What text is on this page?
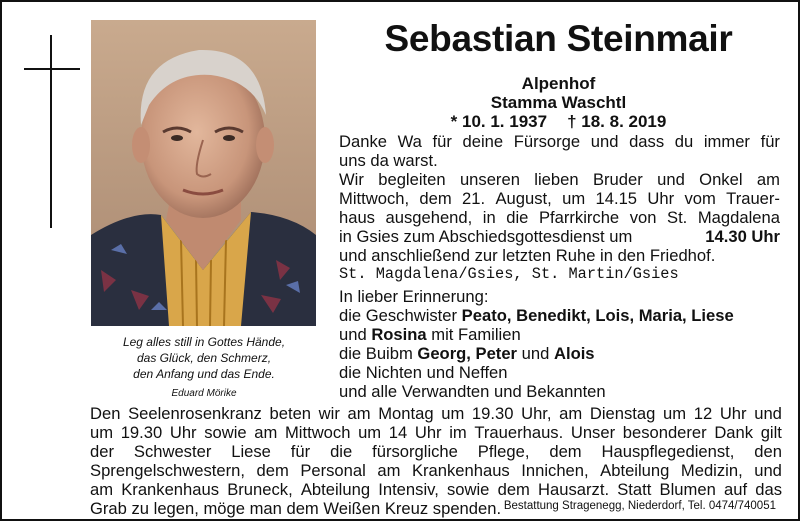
Leg alles still in Gottes Hände,
das Glück, den Schmerz,
den Anfang und das Ende.
Eduard Mörike
Sebastian Steinmair
Alpenhof
Stamma Waschtl
* 10. 1. 1937 † 18. 8. 2019
Danke Wa für deine Fürsorge und dass du immer für
uns da warst.
Wir begleiten unseren lieben Bruder und Onkel am
Mittwoch, dem 21. August, um 14.15 Uhr vom Trauer-
haus ausgehend, in die Pfarrkirche von St. Magdalena
in Gsies zum Abschiedsgottesdienst um	14.30 Uhr
und anschließend zur letzten Ruhe in den Friedhof.
St. Magdalena/Gsies, St. Martin/Gsies
In lieber Erinnerung:
die Geschwister Peato, Benedikt, Lois, Maria, Liese
und Rosina mit Familien
die Buibm Georg, Peter und Alois
die Nichten und Neffen
und alle Verwandten und Bekannten
Den Seelenrosenkranz beten wir am Montag um 19.30 Uhr, am Dienstag um 12 Uhr und
um 19.30 Uhr sowie am Mittwoch um 14 Uhr im Trauerhaus. Unser besonderer Dank gilt
der Schwester Liese für die fürsorgliche Pflege, dem Hauspflegedienst, den
Sprengelschwestern, dem Personal am Krankenhaus Innichen, Abteilung Medizin, und
am Krankenhaus Bruneck, Abteilung Intensiv, sowie dem Hausarzt. Statt Blumen auf das
Grab zu legen, möge man dem Weißen Kreuz spenden. Bestattung Stragenegg, Niederdorf, Tel. 0474/740051
